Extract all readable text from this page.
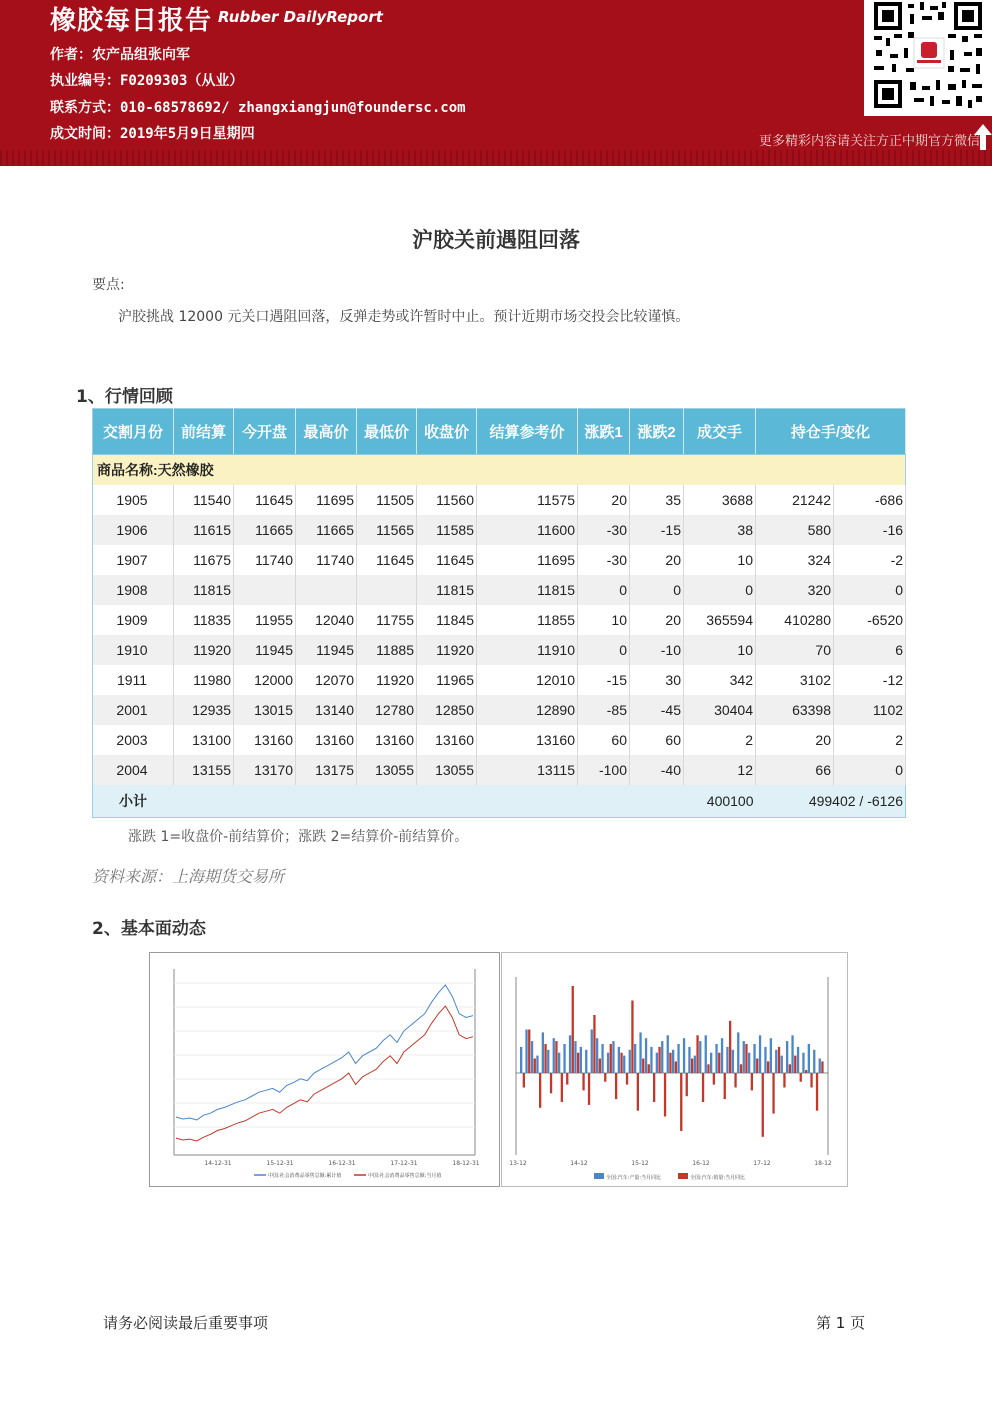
橡胶每日报告 Rubber DailyReport
作者：农产品组张向军
执业编号：F0209303（从业）
联系方式：010-68578692/ zhangxiangjun@foundersc.com
成文时间：2019年5月9日星期四	更多精彩内容请关注方正中期官方微信
沪胶关前遇阻回落
要点:
沪胶挑战 12000 元关口遇阻回落，反弹走势或许暂时中止。预计近期市场交投会比较谨慎。
1、行情回顾
交割月份	前结算	今开盘	最高价	最低价	收盘价	结算参考价	涨跌1	涨跌2	成交手	持仓手/变化	
商品名称:天然橡胶											
1905	11540	11645	11695	11505	11560	11575	20	35	3688	21242	-686
1906	11615	11665	11665	11565	11585	11600	-30	-15	38	580	-16
1907	11675	11740	11740	11645	11645	11695	-30	20	10	324	-2
1908	11815				11815	11815	0	0	0	320	0
1909	11835	11955	12040	11755	11845	11855	10	20	365594	410280	-6520
1910	11920	11945	11945	11885	11920	11910	0	-10	10	70	6
1911	11980	12000	12070	11920	11965	12010	-15	30	342	3102	-12
2001	12935	13015	13140	12780	12850	12890	-85	-45	30404	63398	1102
2003	13100	13160	13160	13160	13160	13160	60	60	2	20	2
2004	13155	13170	13175	13055	13055	13115	-100	-40	12	66	0
小计									400100	499402 / -6126	
涨跌 1=收盘价-前结算价；涨跌 2=结算价-前结算价。
资料来源：上海期货交易所
2、基本面动态
14-12-31	15-12-31	16-12-31	17-12-31	18-12-31
中国:社会消费品零售总额:累计值	中国:社会消费品零售总额:当月值
13-12	14-12	15-12	16-12	17-12	18-12
全国:汽车:产量:当月同比	全国:汽车:销量:当月同比
请务必阅读最后重要事项	第 1 页
